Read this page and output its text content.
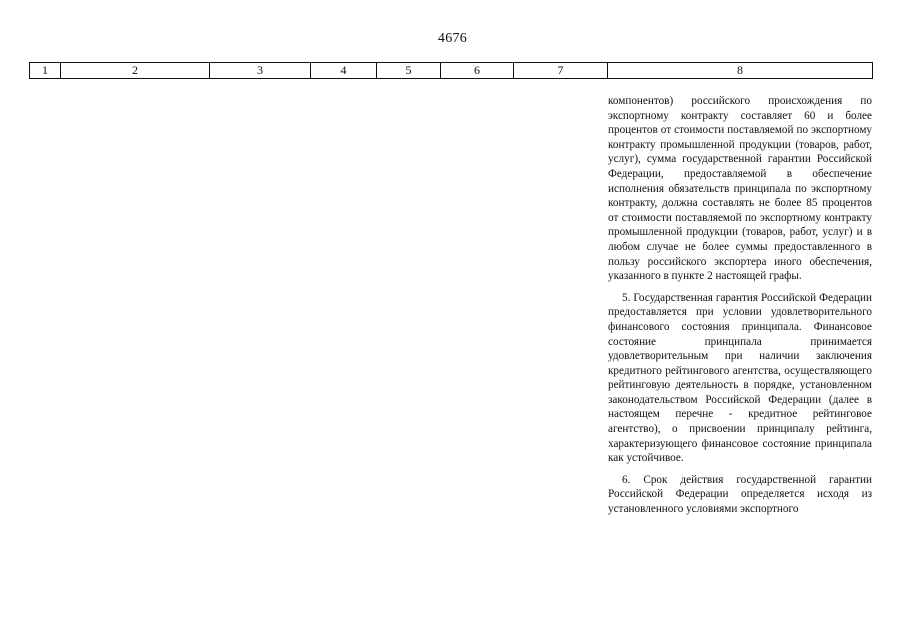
4676
1	2	3	4	5	6	7	8

компонентов) российского происхождения по экспортному контракту составляет 60 и более процентов от стоимости поставляемой по экспортному контракту промышленной продукции (товаров, работ, услуг), сумма государственной гарантии Российской Федерации, предоставляемой в обеспечение исполнения обязательств принципала по экспортному контракту, должна составлять не более 85 процентов от стоимости поставляемой по экспортному контракту промышленной продукции (товаров, работ, услуг) и в любом случае не более суммы предоставленного в пользу российского экспортера иного обеспечения, указанного в пункте 2 настоящей графы.

5. Государственная гарантия Российской Федерации предоставляется при условии удовлетворительного финансового состояния принципала. Финансовое состояние принципала принимается удовлетворительным при наличии заключения кредитного рейтингового агентства, осуществляющего рейтинговую деятельность в порядке, установленном законодательством Российской Федерации (далее в настоящем перечне - кредитное рейтинговое агентство), о присвоении принципалу рейтинга, характеризующего финансовое состояние принципала как устойчивое.

6. Срок действия государственной гарантии Российской Федерации определяется исходя из установленного условиями экспортного
